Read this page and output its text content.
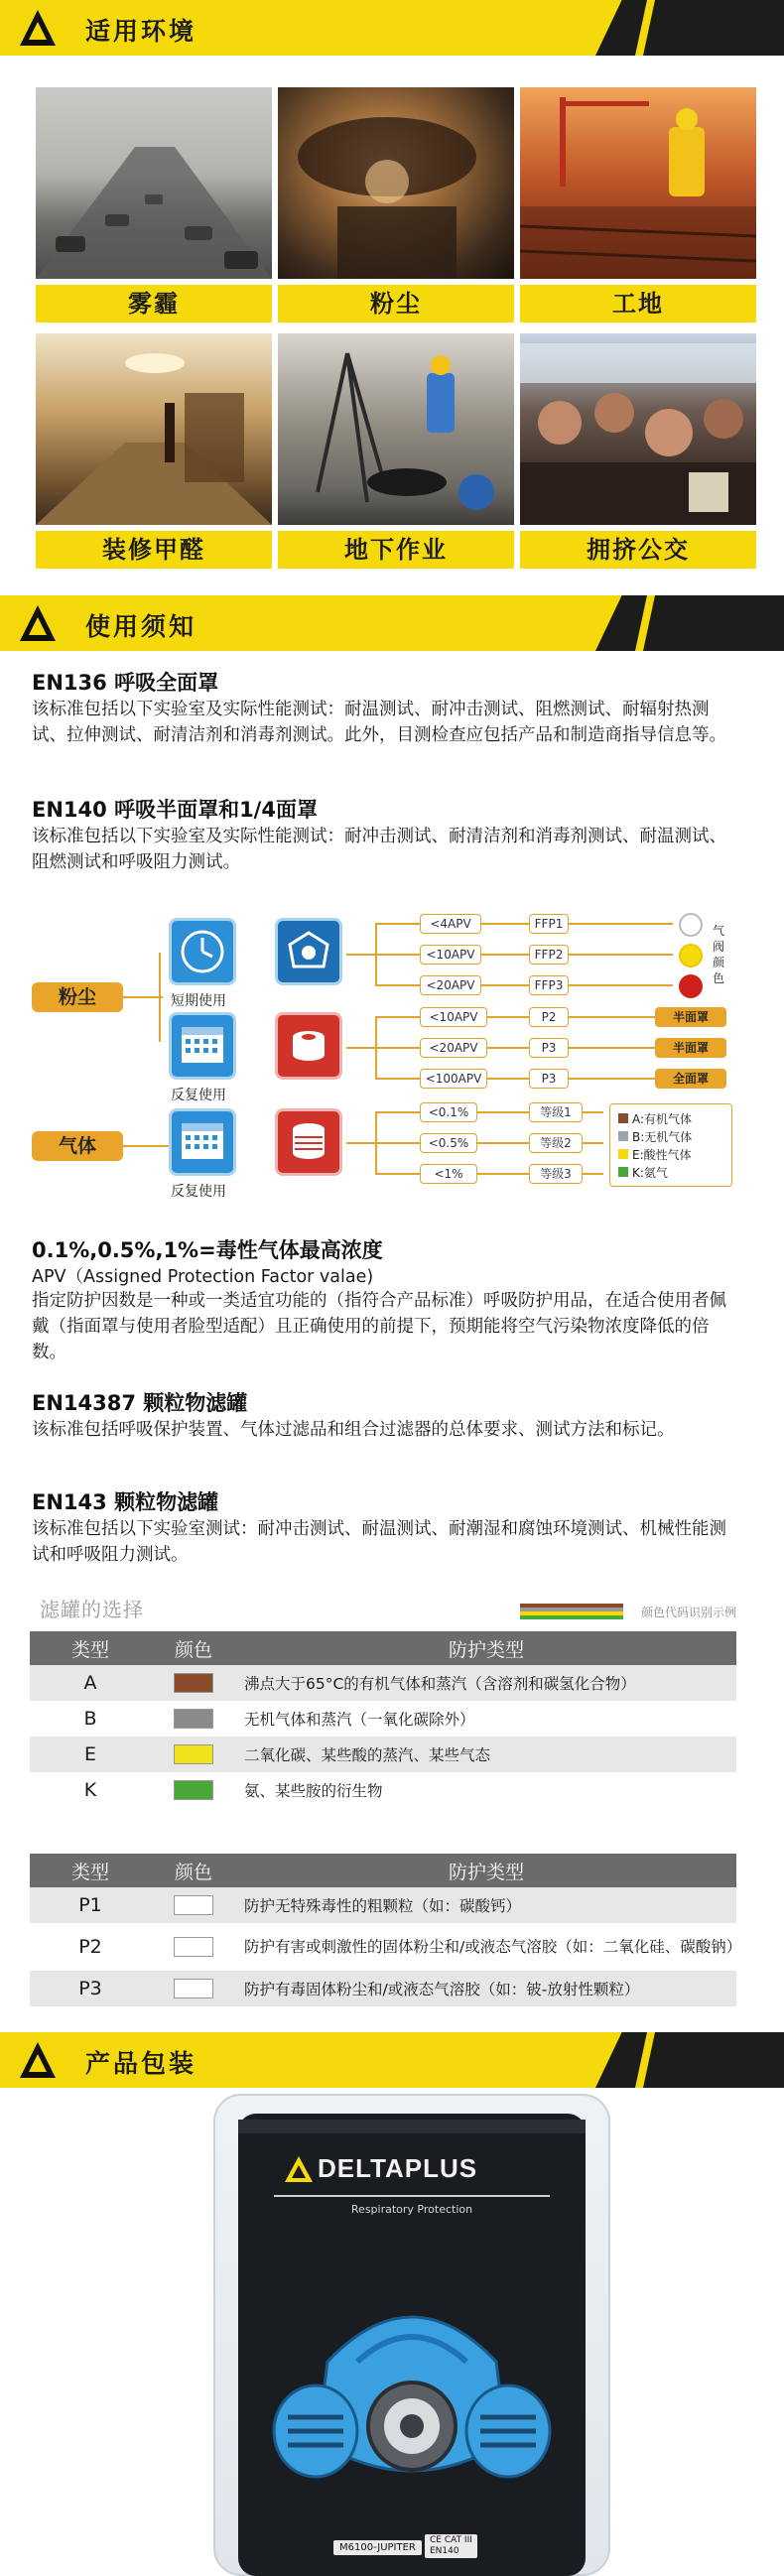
适用环境
雾霾	粉尘	工地
装修甲醛	地下作业	拥挤公交
使用须知
EN136 呼吸全面罩
该标准包括以下实验室及实际性能测试：耐温测试、耐冲击测试、阻燃测试、耐辐射热测试、拉伸测试、耐清洁剂和消毒剂测试。此外，目测检查应包括产品和制造商指导信息等。
EN140 呼吸半面罩和1/4面罩
该标准包括以下实验室及实际性能测试：耐冲击测试、耐清洁剂和消毒剂测试、耐温测试、阻燃测试和呼吸阻力测试。
粉尘
气体
短期使用
反复使用
反复使用
<4APV	FFP1
<10APV	FFP2
<20APV	FFP3
气
阀
颜
色
<10APV	P2	半面罩
<20APV	P3	半面罩
<100APV	P3	全面罩
<0.1%	等级1
<0.5%	等级2
<1%	等级3
A:有机气体
B:无机气体
E:酸性气体
K:氨气
0.1%,0.5%,1%=毒性气体最高浓度
APV（Assigned Protection Factor valae)
指定防护因数是一种或一类适宜功能的（指符合产品标准）呼吸防护用品，在适合使用者佩戴（指面罩与使用者脸型适配）且正确使用的前提下，预期能将空气污染物浓度降低的倍数。
EN14387 颗粒物滤罐
该标准包括呼吸保护装置、气体过滤品和组合过滤器的总体要求、测试方法和标记。
EN143 颗粒物滤罐
该标准包括以下实验室测试：耐冲击测试、耐温测试、耐潮湿和腐蚀环境测试、机械性能测试和呼吸阻力测试。
滤罐的选择	颜色代码识别示例
类型	颜色	防护类型
A		沸点大于65°C的有机气体和蒸汽（含溶剂和碳氢化合物）
B		无机气体和蒸汽（一氧化碳除外）
E		二氧化碳、某些酸的蒸汽、某些气态
K		氨、某些胺的衍生物
类型	颜色	防护类型
P1		防护无特殊毒性的粗颗粒（如：碳酸钙）
P2		防护有害或刺激性的固体粉尘和/或液态气溶胶（如：二氧化硅、碳酸钠）
P3		防护有毒固体粉尘和/或液态气溶胶（如：铍-放射性颗粒）
产品包装
DELTAPLUS
Respiratory Protection
M6100-JUPITER
CE CAT III
EN140
